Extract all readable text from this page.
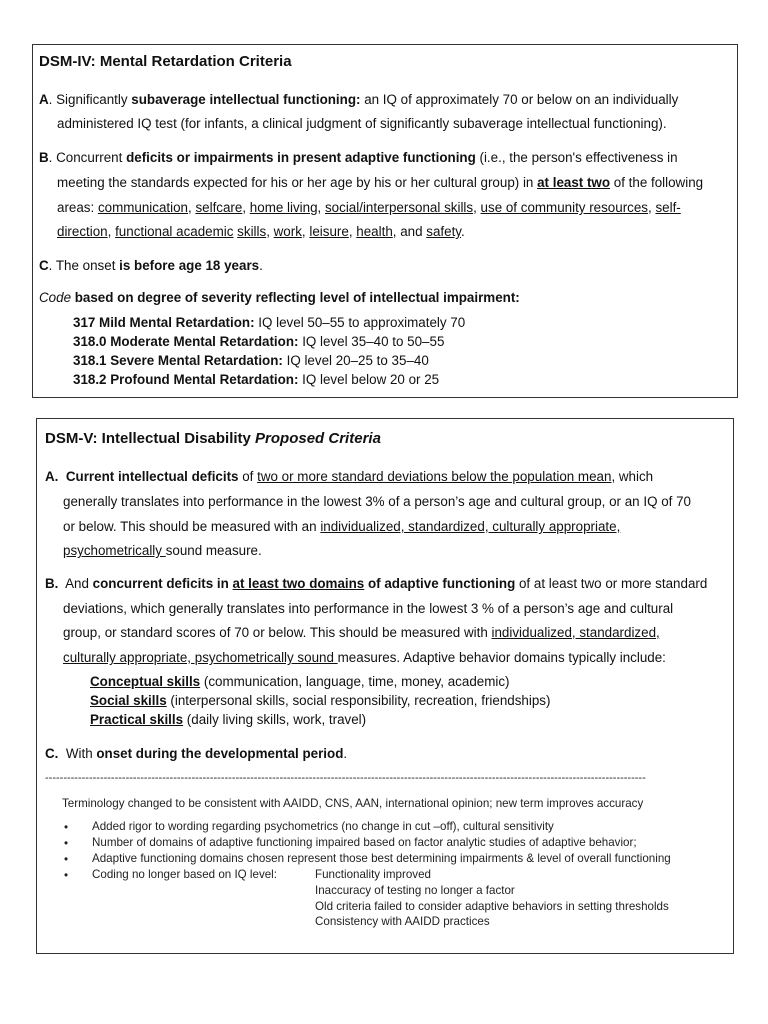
DSM-IV: Mental Retardation Criteria
A. Significantly subaverage intellectual functioning: an IQ of approximately 70 or below on an individually
administered IQ test (for infants, a clinical judgment of significantly subaverage intellectual functioning).
B. Concurrent deficits or impairments in present adaptive functioning (i.e., the person's effectiveness in
meeting the standards expected for his or her age by his or her cultural group) in at least two of the following
areas: communication, selfcare, home living, social/interpersonal skills, use of community resources, self-
direction, functional academic skills, work, leisure, health, and safety.
C. The onset is before age 18 years.
Code based on degree of severity reflecting level of intellectual impairment:
317 Mild Mental Retardation: IQ level 50–55 to approximately 70
318.0 Moderate Mental Retardation: IQ level 35–40 to 50–55
318.1 Severe Mental Retardation: IQ level 20–25 to 35–40
318.2 Profound Mental Retardation: IQ level below 20 or 25
DSM-V: Intellectual Disability Proposed Criteria
A. Current intellectual deficits of two or more standard deviations below the population mean, which
generally translates into performance in the lowest 3% of a person’s age and cultural group, or an IQ of 70
or below. This should be measured with an individualized, standardized, culturally appropriate,
psychometrically sound measure.
B. And concurrent deficits in at least two domains of adaptive functioning of at least two or more standard
deviations, which generally translates into performance in the lowest 3 % of a person’s age and cultural
group, or standard scores of 70 or below. This should be measured with individualized, standardized,
culturally appropriate, psychometrically sound measures. Adaptive behavior domains typically include:
Conceptual skills (communication, language, time, money, academic)
Social skills (interpersonal skills, social responsibility, recreation, friendships)
Practical skills (daily living skills, work, travel)
C. With onset during the developmental period.
--------------------------------------------------------------------------------------------------------------------------------------------------------------------
Terminology changed to be consistent with AAIDD, CNS, AAN, international opinion; new term improves accuracy
• Added rigor to wording regarding psychometrics (no change in cut –off), cultural sensitivity
• Number of domains of adaptive functioning impaired based on factor analytic studies of adaptive behavior;
• Adaptive functioning domains chosen represent those best determining impairments & level of overall functioning
• Coding no longer based on IQ level:	Functionality improved
Inaccuracy of testing no longer a factor
Old criteria failed to consider adaptive behaviors in setting thresholds
Consistency with AAIDD practices
